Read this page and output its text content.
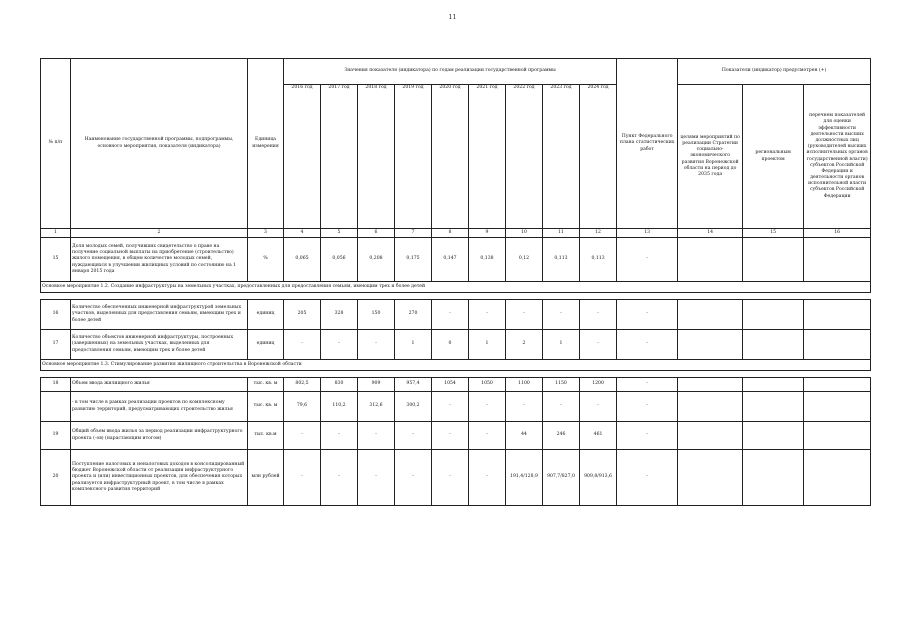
11
№ п/п	Наименование государственной программы, подпрограммы, основного мероприятия, показателя (индикатора)	Единица измерения	Значения показателя (индикатора) по годам реализации государственной программы									Пункт Федерального плана статистических работ	Показатели (индикатор) предусмотрен (+)		
			2016 год	2017 год	2018 год	2019 год	2020 год	2021 год	2022 год	2023 год	2024 год		целями мероприятий по реализации Стратегии социально-экономического развития Воронежской области на период до 2035 года	региональным проектом	перечнем показателей для оценки эффективности деятельности высших должностных лиц (руководителей высших исполнительных органов государственной власти) субъектов Российской Федерации и деятельности органов исполнительной власти субъектов Российской Федерации

1	2	3	4	5	6	7	8	9	10	11	12	13	14	15	16
15	Доля молодых семей, получивших свидетельство о праве на получение социальной выплаты на приобретение (строительство) жилого помещения, в общем количестве молодых семей, нуждающихся в улучшении жилищных условий по состоянию на 1 января 2015 года	%	0,065	0,056	0,208	0,175	0,147	0,138	0,12	0,113	0,113	-			
Основное мероприятие 1.2. Создание инфраструктуры на земельных участках, предоставленных для предоставления семьям, имеющим трех и более детей															

16	Количество обеспеченных инженерной инфраструктурой земельных участков, выделенных для предоставления семьям, имеющим трех и более детей	единиц	205	328	150	270	-	-	-	-	-	-			
17	Количество объектов инженерной инфраструктуры, построенных (завершенных) на земельных участках, выделенных для предоставления семьям, имеющим трех и более детей	единиц	-	-	-	1	0	1	2	1	-	-			
Основное мероприятие 1.3. Стимулирование развития жилищного строительства в Воронежской области															

18	Объем ввода жилищного жилья	тыс. кв. м	802,5	830	909	957,4	1054	1050	1100	1150	1200	-			
	- в том числе в рамках реализации проектов по комплексному развитию территорий, предусматривающих строительство жилья	тыс. кв. м	79,6	110,2	312,6	300,2	-	-	-	-	-	-			
19	Общий объем ввода жилья за период реализации инфраструктурного проекта (-ов) (нарастающим итогом)	тыс. кв.м	-	-	-	-	-	-	44	246	461	-			
20	Поступление налоговых и неналоговых доходов в консолидированный бюджет Воронежской области от реализации инфраструктурного проекта и (или) инвестиционных проектов, для обеспечения которых реализуется инфраструктурный проект, в том числе в рамках комплексного развития территорий	млн рублей	-	-	-	-	-	-	191,4/128,9	907,7/827,0	909,8/913,6	-			
